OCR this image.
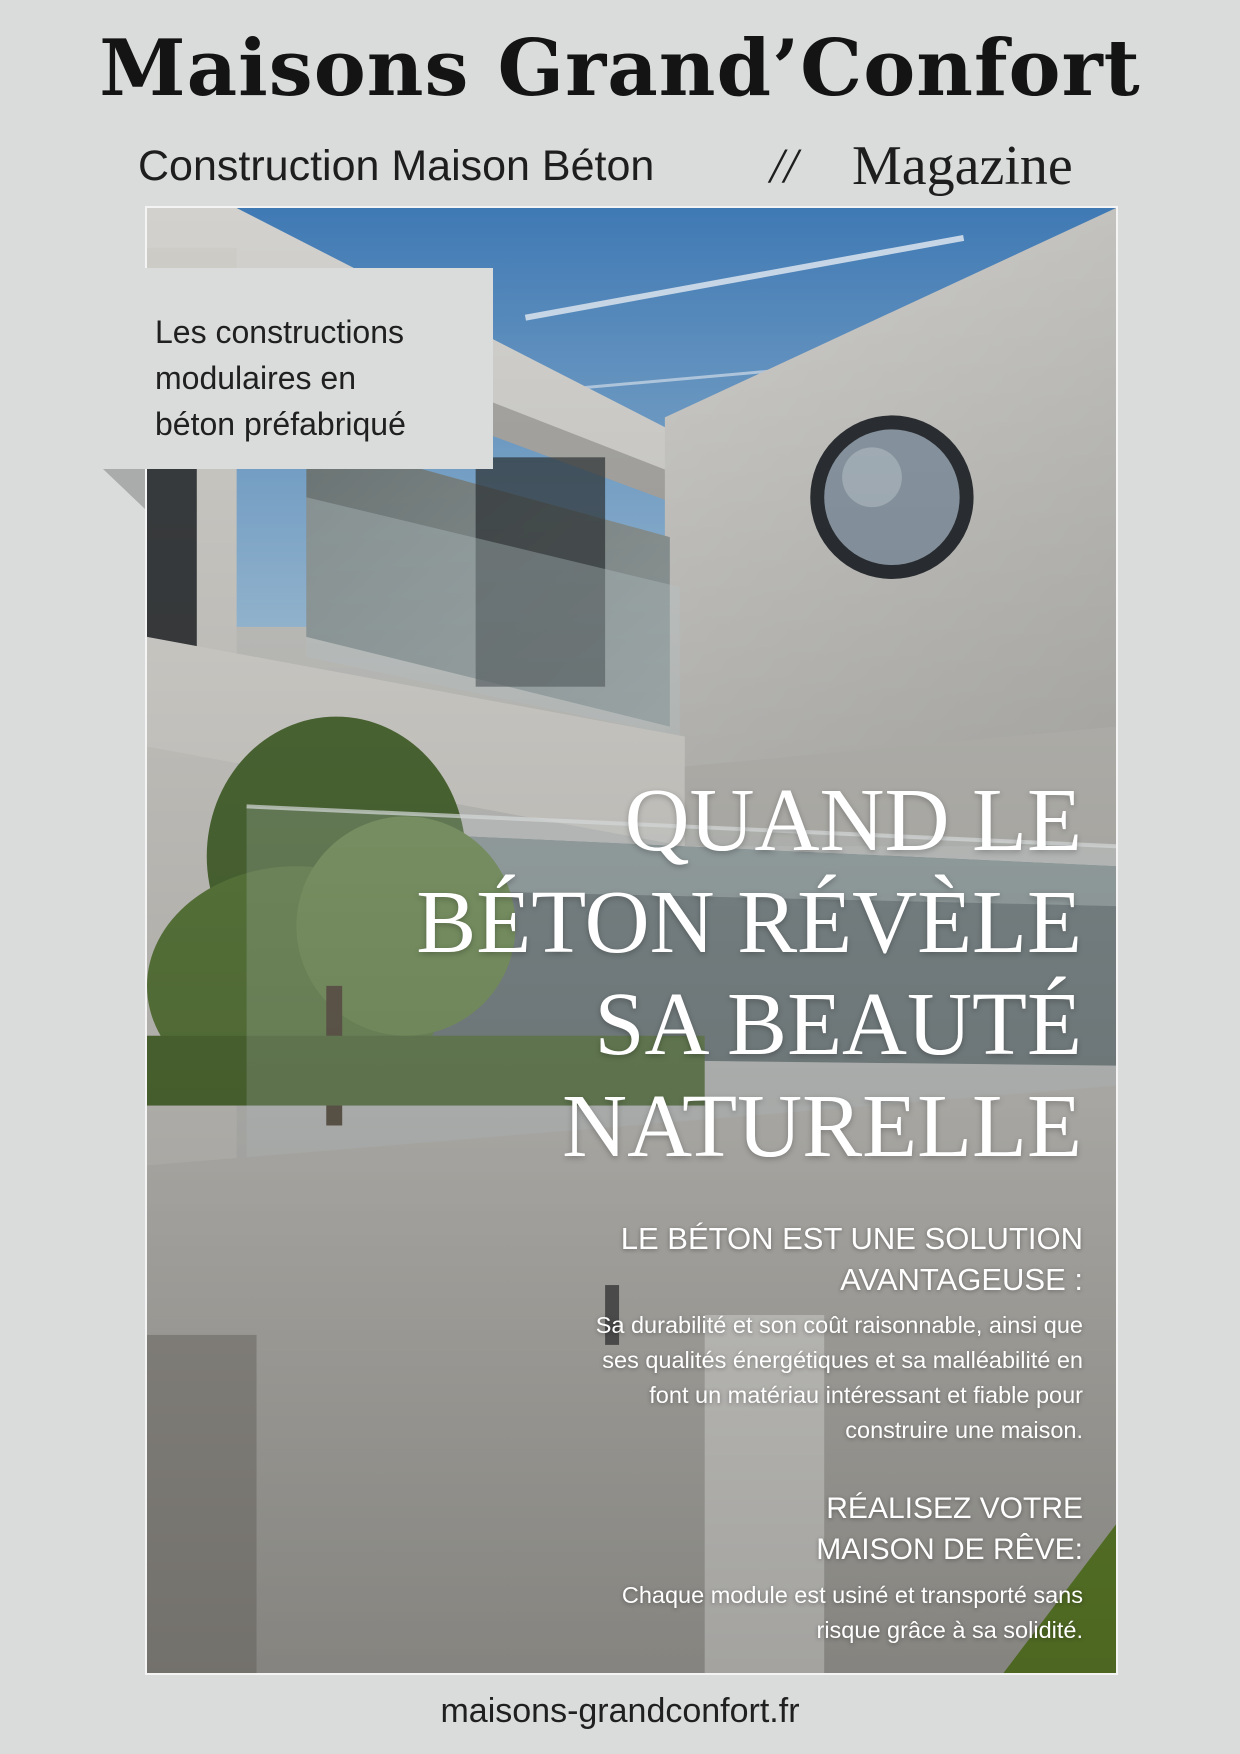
Maisons Grand’Confort
Construction Maison Béton // Magazine
Les constructions
modulaires en
béton préfabriqué
QUAND LE
BÉTON RÉVÈLE
SA BEAUTÉ
NATURELLE
LE BÉTON EST UNE SOLUTION
AVANTAGEUSE :
Sa durabilité et son coût raisonnable, ainsi que
ses qualités énergétiques et sa malléabilité en
font un matériau intéressant et fiable pour
construire une maison.
RÉALISEZ VOTRE
MAISON DE RÊVE:
Chaque module est usiné et transporté sans
risque grâce à sa solidité.
maisons-grandconfort.fr
